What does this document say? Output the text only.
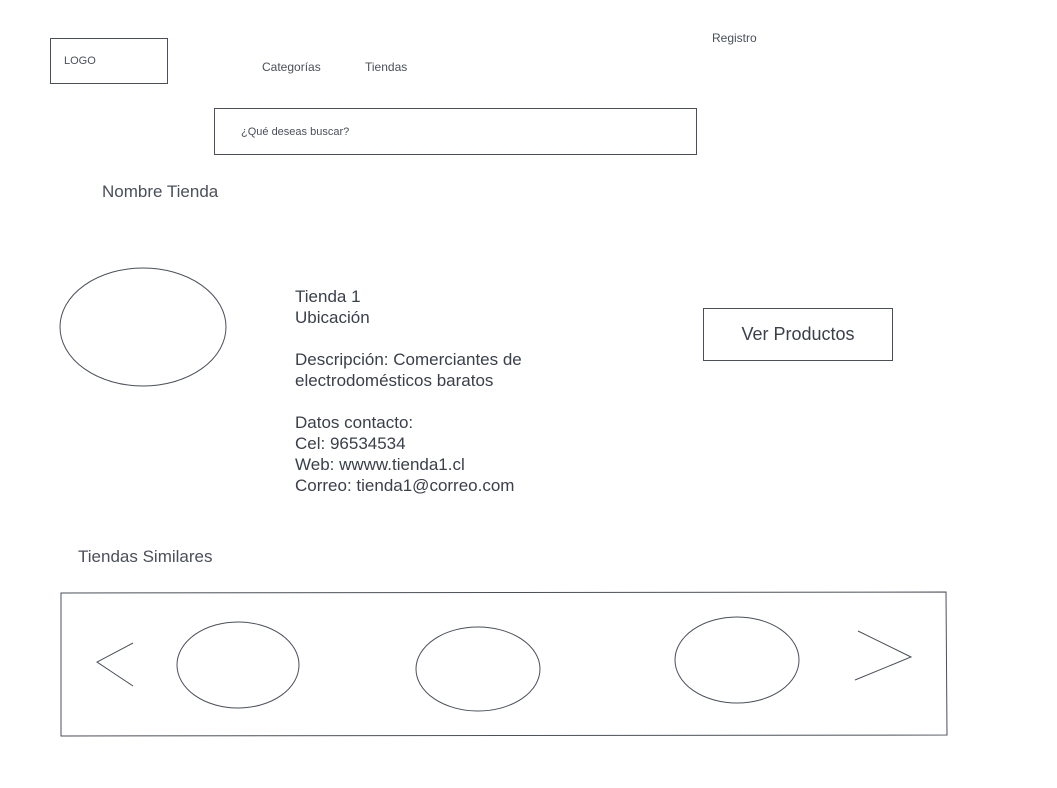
LOGO	Categorías	Tiendas
Registro
¿Qué deseas buscar?
Nombre Tienda
Tienda 1
Ubicación
Descripción: Comerciantes de
electrodomésticos baratos
Datos contacto:
Cel: 96534534
Web: wwww.tienda1.cl
Correo: tienda1@correo.com
Ver Productos
Tiendas Similares
